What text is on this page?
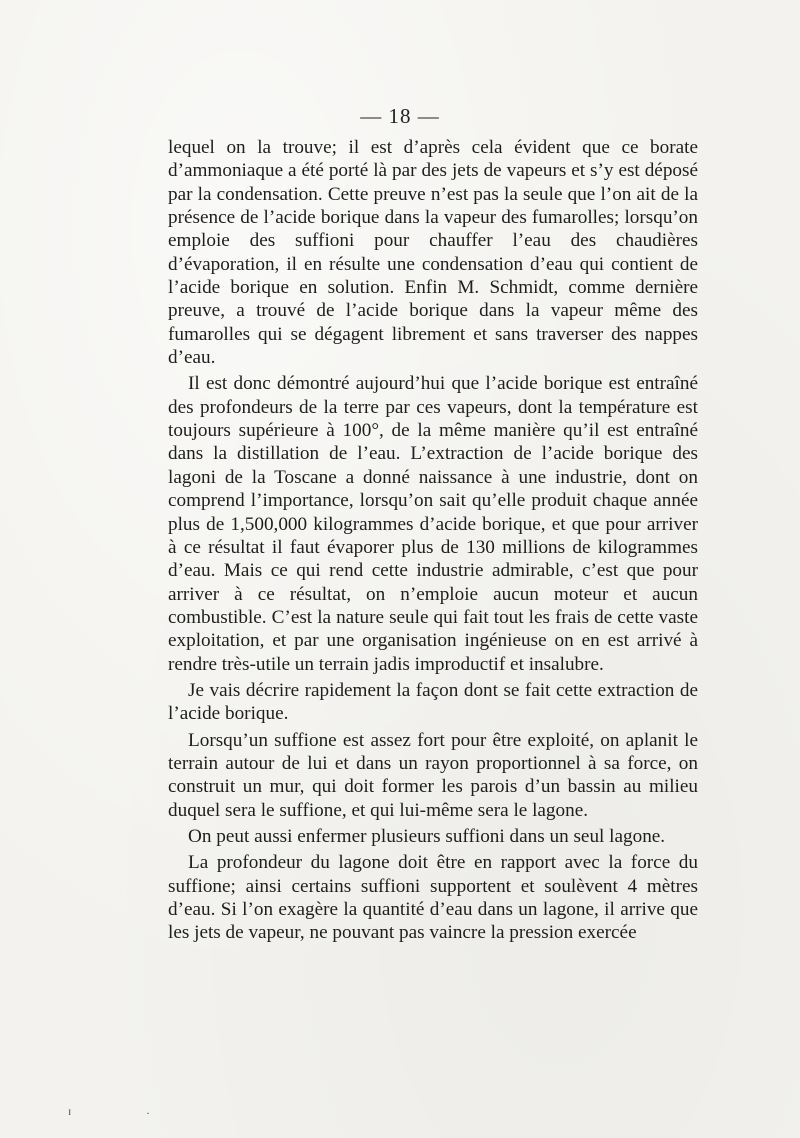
— 18 —

lequel on la trouve; il est d’après cela évident que ce borate d’ammoniaque a été porté là par des jets de vapeurs et s’y est déposé par la condensation. Cette preuve n’est pas la seule que l’on ait de la présence de l’acide borique dans la vapeur des fumarolles; lorsqu’on emploie des suffioni pour chauffer l’eau des chaudières d’évaporation, il en résulte une condensation d’eau qui contient de l’acide borique en solution. Enfin M. Schmidt, comme dernière preuve, a trouvé de l’acide borique dans la vapeur même des fumarolles qui se dégagent librement et sans traverser des nappes d’eau.

Il est donc démontré aujourd’hui que l’acide borique est entraîné des profondeurs de la terre par ces vapeurs, dont la température est toujours supérieure à 100°, de la même manière qu’il est entraîné dans la distillation de l’eau. L’extraction de l’acide borique des lagoni de la Toscane a donné naissance à une industrie, dont on comprend l’importance, lorsqu’on sait qu’elle produit chaque année plus de 1,500,000 kilogrammes d’acide borique, et que pour arriver à ce résultat il faut évaporer plus de 130 millions de kilogrammes d’eau. Mais ce qui rend cette industrie admirable, c’est que pour arriver à ce résultat, on n’emploie aucun moteur et aucun combustible. C’est la nature seule qui fait tout les frais de cette vaste exploitation, et par une organisation ingénieuse on en est arrivé à rendre très-utile un terrain jadis improductif et insalubre.

Je vais décrire rapidement la façon dont se fait cette extraction de l’acide borique.

Lorsqu’un suffione est assez fort pour être exploité, on aplanit le terrain autour de lui et dans un rayon proportionnel à sa force, on construit un mur, qui doit former les parois d’un bassin au milieu duquel sera le suffione, et qui lui-même sera le lagone.

On peut aussi enfermer plusieurs suffioni dans un seul lagone.

La profondeur du lagone doit être en rapport avec la force du suffione; ainsi certains suffioni supportent et soulèvent 4 mètres d’eau. Si l’on exagère la quantité d’eau dans un lagone, il arrive que les jets de vapeur, ne pouvant pas vaincre la pression exercée

ɪ	·
